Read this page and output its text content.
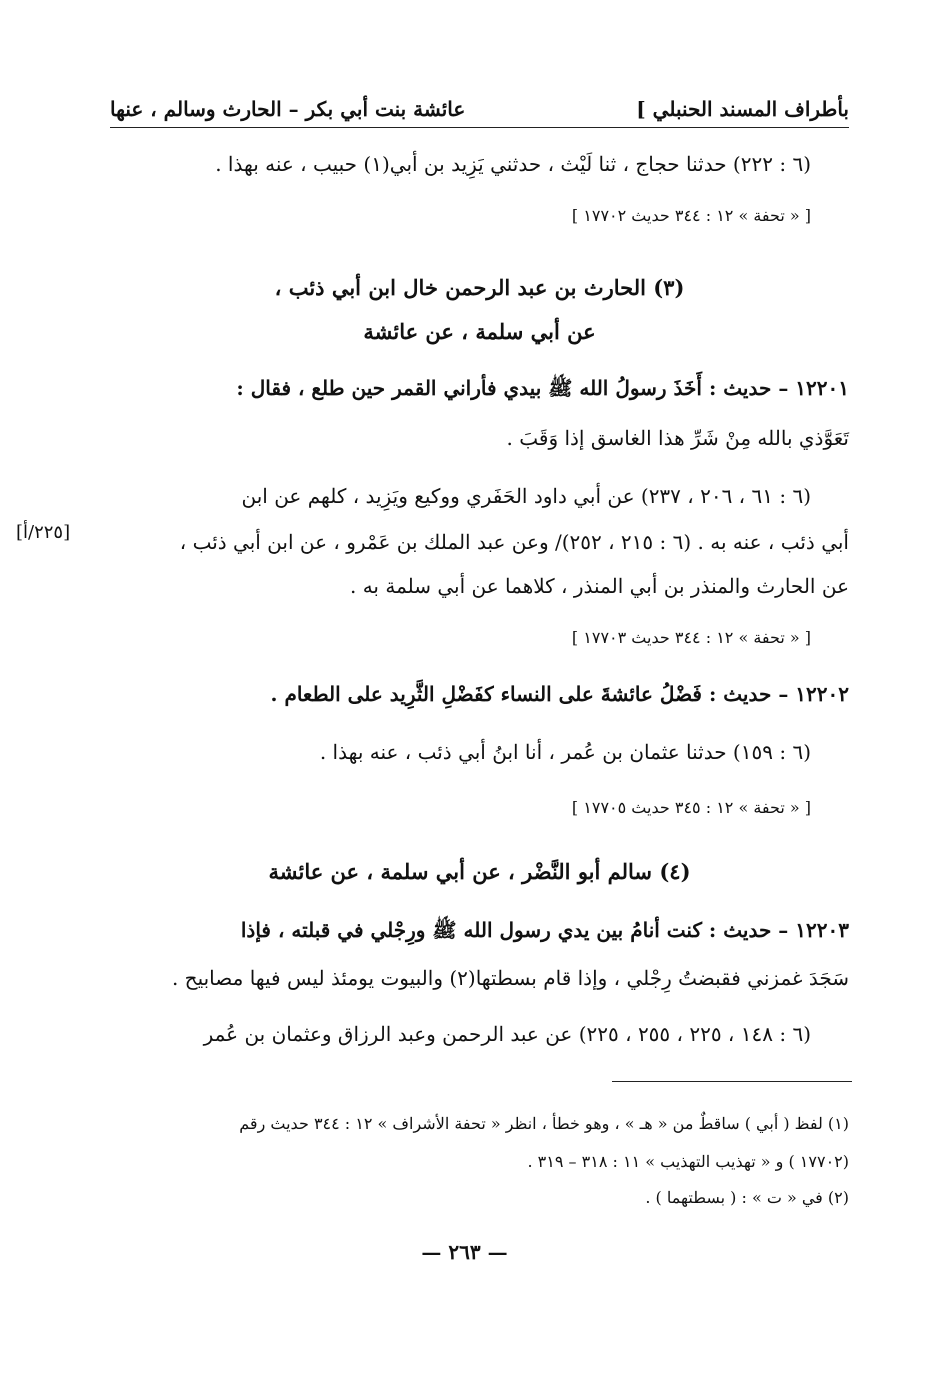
بأطراف المسند الحنبلي ]
عائشة بنت أبي بكر – الحارث وسالم ، عنها
(٦ : ٢٢٢) حدثنا حجاج ، ثنا لَيْث ، حدثني يَزِيد بن أبي(١) حبيب ، عنه بهذا .
[ « تحفة » ١٢ : ٣٤٤ حديث ١٧٧٠٢ ]
(٣) الحارث بن عبد الرحمن خال ابن أبي ذئب ،
عن أبي سلمة ، عن عائشة
١٢٢٠١ – حديث : أَخَذَ رسولُ الله ﷺ بيدي فأراني القمر حين طلع ، فقال :
تَعَوَّذي بالله مِنْ شَرِّ هذا الغاسق إذا وَقَبَ .
(٦ : ٦١ ، ٢٠٦ ، ٢٣٧) عن أبي داود الحَفَري ووكيع ويَزِيد ، كلهم عن ابن
أبي ذئب ، عنه به . (٦ : ٢١٥ ، ٢٥٢)/ وعن عبد الملك بن عَمْرو ، عن ابن أبي ذئب ،
عن الحارث والمنذر بن أبي المنذر ، كلاهما عن أبي سلمة به .
[ « تحفة » ١٢ : ٣٤٤ حديث ١٧٧٠٣ ]
١٢٢٠٢ – حديث : فَضْلُ عائشةَ على النساء كفَضْلِ الثَّرِيد على الطعام .
(٦ : ١٥٩) حدثنا عثمان بن عُمر ، أنا ابنُ أبي ذئب ، عنه بهذا .
[ « تحفة » ١٢ : ٣٤٥ حديث ١٧٧٠٥ ]
(٤) سالم أبو النَّضْر ، عن أبي سلمة ، عن عائشة
١٢٢٠٣ – حديث : كنت أنامُ بين يدي رسول الله ﷺ ورِجْلي في قبلته ، فإذا
سَجَدَ غمزني فقبضتُ رِجْلي ، وإذا قام بسطتها(٢) والبيوت يومئذ ليس فيها مصابيح .
(٦ : ١٤٨ ، ٢٢٥ ، ٢٥٥ ، ٢٢٥) عن عبد الرحمن وعبد الرزاق وعثمان بن عُمر
[٢٢٥/أ]
(١) لفظ ( أبي ) ساقطٌ من « هـ » ، وهو خطأ ، انظر « تحفة الأشراف » ١٢ : ٣٤٤ حديث رقم
(١٧٧٠٢ ) و « تهذيب التهذيب » ١١ : ٣١٨ – ٣١٩ .
(٢) في « ت » : ( بسطتهما ) .
— ٢٦٣ —
